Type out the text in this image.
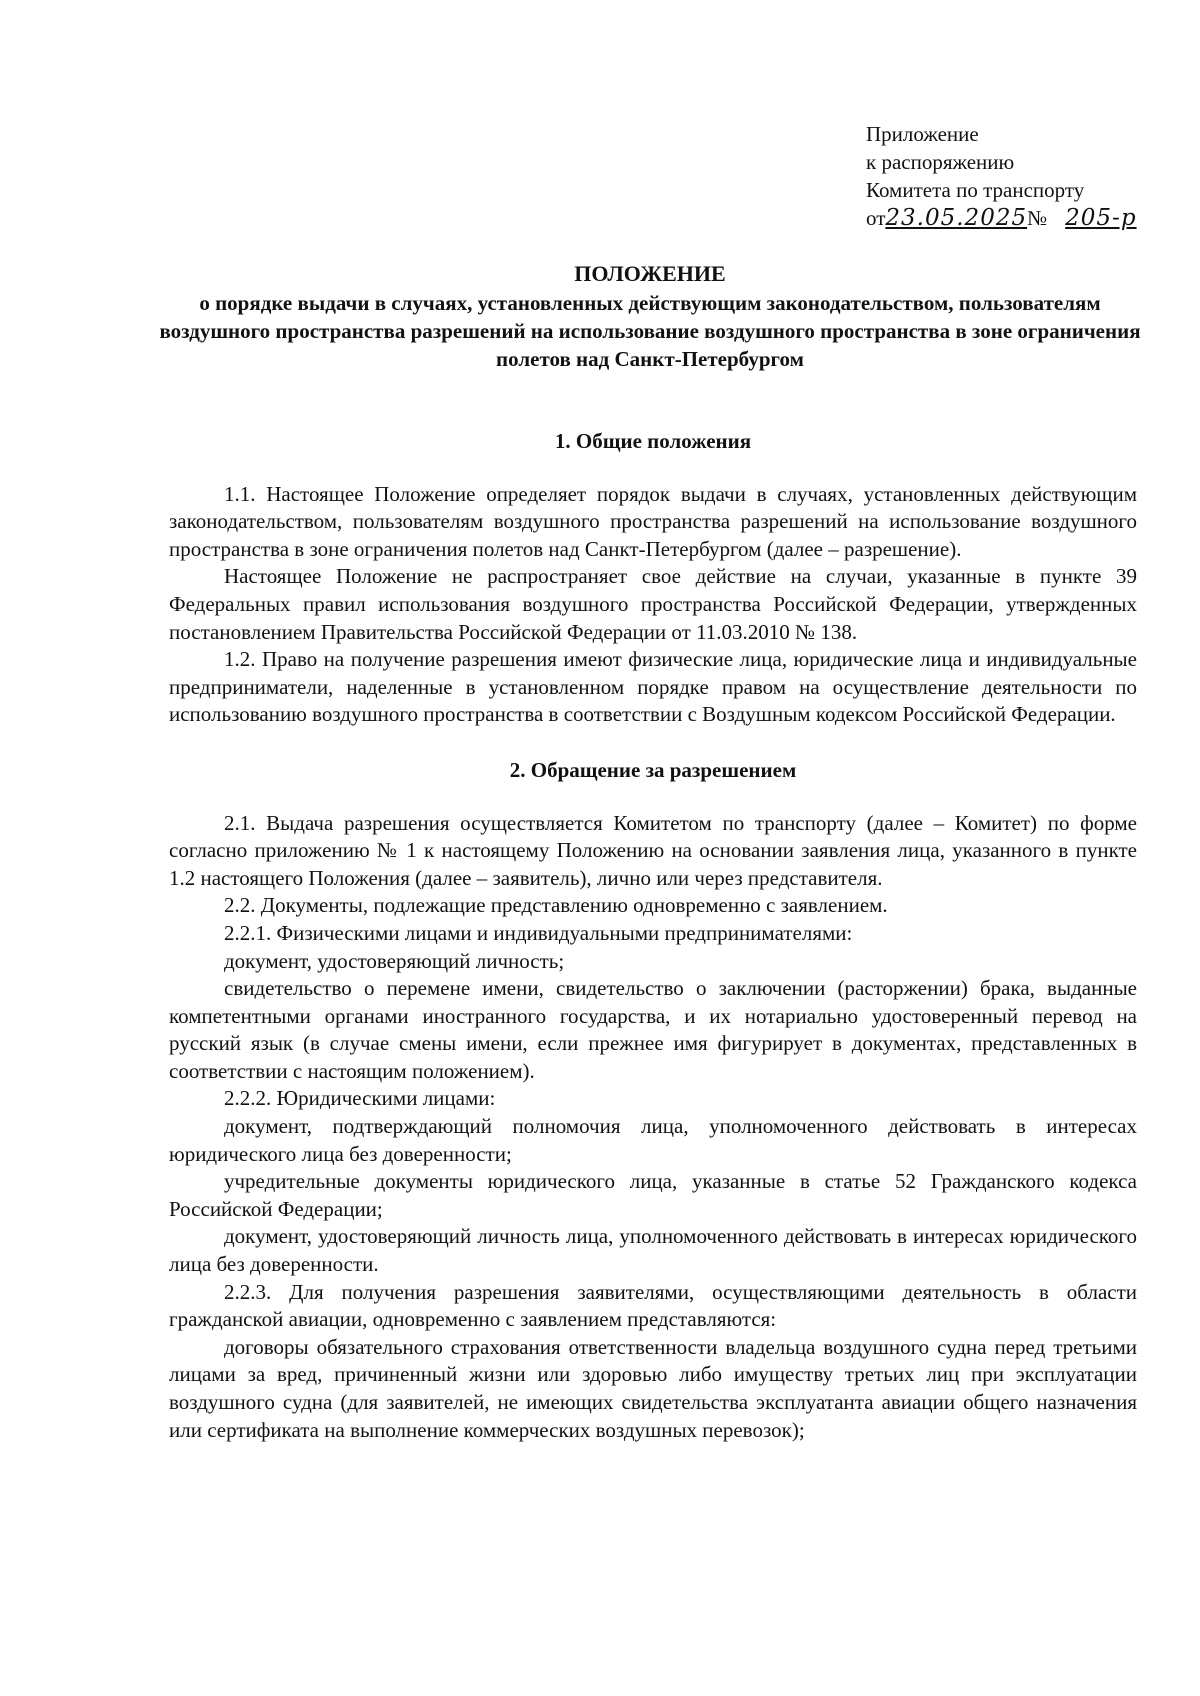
Приложение
к распоряжению
Комитета по транспорту
от23.05.2025№ 205-р
ПОЛОЖЕНИЕ
о порядке выдачи в случаях, установленных действующим законодательством, пользователям воздушного пространства разрешений на использование воздушного пространства в зоне ограничения полетов над Санкт-Петербургом
1. Общие положения

1.1. Настоящее Положение определяет порядок выдачи в случаях, установленных действующим законодательством, пользователям воздушного пространства разрешений на использование воздушного пространства в зоне ограничения полетов над Санкт-Петербургом (далее – разрешение).

Настоящее Положение не распространяет свое действие на случаи, указанные в пункте 39 Федеральных правил использования воздушного пространства Российской Федерации, утвержденных постановлением Правительства Российской Федерации от 11.03.2010 № 138.

1.2. Право на получение разрешения имеют физические лица, юридические лица и индивидуальные предприниматели, наделенные в установленном порядке правом на осуществление деятельности по использованию воздушного пространства в соответствии с Воздушным кодексом Российской Федерации.

2. Обращение за разрешением

2.1. Выдача разрешения осуществляется Комитетом по транспорту (далее – Комитет) по форме согласно приложению № 1 к настоящему Положению на основании заявления лица, указанного в пункте 1.2 настоящего Положения (далее – заявитель), лично или через представителя.

2.2. Документы, подлежащие представлению одновременно с заявлением.

2.2.1. Физическими лицами и индивидуальными предпринимателями:

документ, удостоверяющий личность;

свидетельство о перемене имени, свидетельство о заключении (расторжении) брака, выданные компетентными органами иностранного государства, и их нотариально удостоверенный перевод на русский язык (в случае смены имени, если прежнее имя фигурирует в документах, представленных в соответствии с настоящим положением).

2.2.2. Юридическими лицами:

документ, подтверждающий полномочия лица, уполномоченного действовать в интересах юридического лица без доверенности;

учредительные документы юридического лица, указанные в статье 52 Гражданского кодекса Российской Федерации;

документ, удостоверяющий личность лица, уполномоченного действовать в интересах юридического лица без доверенности.

2.2.3. Для получения разрешения заявителями, осуществляющими деятельность в области гражданской авиации, одновременно с заявлением представляются:

договоры обязательного страхования ответственности владельца воздушного судна перед третьими лицами за вред, причиненный жизни или здоровью либо имуществу третьих лиц при эксплуатации воздушного судна (для заявителей, не имеющих свидетельства эксплуатанта авиации общего назначения или сертификата на выполнение коммерческих воздушных перевозок);
